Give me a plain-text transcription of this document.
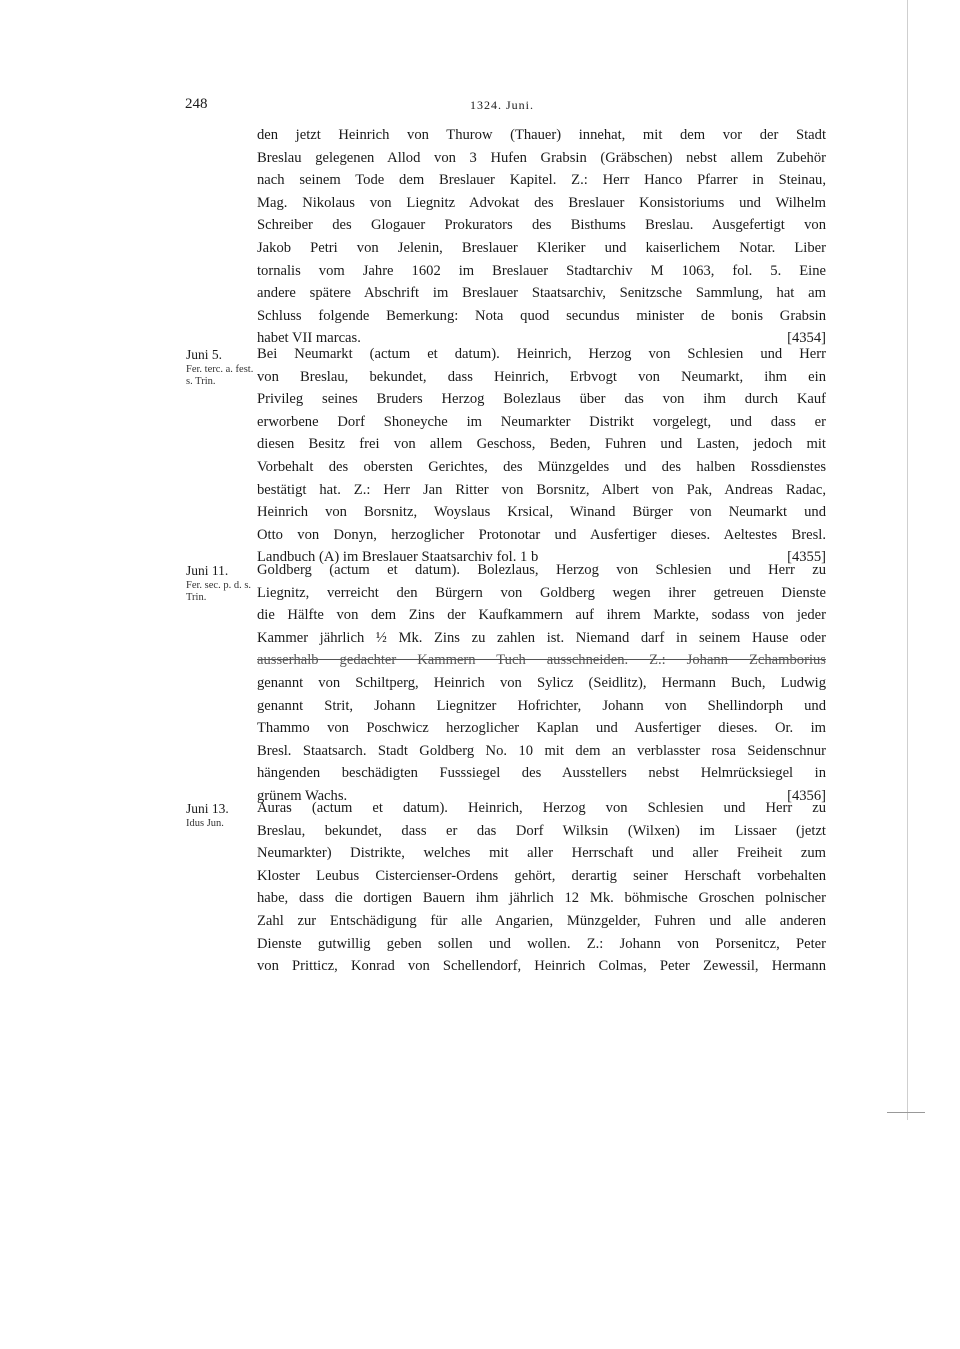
248	1324. Juni.
den jetzt Heinrich von Thurow (Thauer) innehat, mit dem vor der Stadt
Breslau gelegenen Allod von 3 Hufen Grabsin (Gräbschen) nebst allem Zubehör
nach seinem Tode dem Breslauer Kapitel. Z.: Herr Hanco Pfarrer in Steinau,
Mag. Nikolaus von Liegnitz Advokat des Breslauer Konsistoriums und Wilhelm
Schreiber des Glogauer Prokurators des Bisthums Breslau. Ausgefertigt von
Jakob Petri von Jelenin, Breslauer Kleriker und kaiserlichem Notar. Liber
tornalis vom Jahre 1602 im Breslauer Stadtarchiv M 1063, fol. 5. Eine
andere spätere Abschrift im Breslauer Staatsarchiv, Senitzsche Sammlung, hat am
Schluss folgende Bemerkung: Nota quod secundus minister de bonis Grabsin
habet VII marcas.	[4354]
Juni 5.
Fer. terc. a. fest. s. Trin.
Bei Neumarkt (actum et datum). Heinrich, Herzog von Schlesien und Herr
von Breslau, bekundet, dass Heinrich, Erbvogt von Neumarkt, ihm ein
Privileg seines Bruders Herzog Bolezlaus über das von ihm durch Kauf
erworbene Dorf Shoneyche im Neumarkter Distrikt vorgelegt, und dass er
diesen Besitz frei von allem Geschoss, Beden, Fuhren und Lasten, jedoch mit
Vorbehalt des obersten Gerichtes, des Münzgeldes und des halben Rossdienstes
bestätigt hat. Z.: Herr Jan Ritter von Borsnitz, Albert von Pak, Andreas Radac,
Heinrich von Borsnitz, Woyslaus Krsical, Winand Bürger von Neumarkt und
Otto von Donyn, herzoglicher Protonotar und Ausfertiger dieses. Aeltestes Bresl.
Landbuch (A) im Breslauer Staatsarchiv fol. 1 b	[4355]
Juni 11.
Fer. sec. p. d. s. Trin.
Goldberg (actum et datum). Bolezlaus, Herzog von Schlesien und Herr zu
Liegnitz, verreicht den Bürgern von Goldberg wegen ihrer getreuen Dienste
die Hälfte von dem Zins der Kaufkammern auf ihrem Markte, sodass von jeder
Kammer jährlich ½ Mk. Zins zu zahlen ist. Niemand darf in seinem Hause oder
ausserhalb gedachter Kammern Tuch ausschneiden. Z.: Johann Zchamborius
genannt von Schiltperg, Heinrich von Sylicz (Seidlitz), Hermann Buch, Ludwig
genannt Strit, Johann Liegnitzer Hofrichter, Johann von Shellindorph und
Thammo von Poschwicz herzoglicher Kaplan und Ausfertiger dieses. Or. im
Bresl. Staatsarch. Stadt Goldberg No. 10 mit dem an verblasster rosa Seidenschnur
hängenden beschädigten Fusssiegel des Ausstellers nebst Helmrücksiegel in
grünem Wachs.	[4356]
Juni 13.
Idus Jun.
Auras (actum et datum). Heinrich, Herzog von Schlesien und Herr zu
Breslau, bekundet, dass er das Dorf Wilksin (Wilxen) im Lissaer (jetzt
Neumarkter) Distrikte, welches mit aller Herrschaft und aller Freiheit zum
Kloster Leubus Cistercienser-Ordens gehört, derartig seiner Herschaft vorbehalten
habe, dass die dortigen Bauern ihm jährlich 12 Mk. böhmische Groschen polnischer
Zahl zur Entschädigung für alle Angarien, Münzgelder, Fuhren und alle anderen
Dienste gutwillig geben sollen und wollen. Z.: Johann von Porsenitcz, Peter
von Pritticz, Konrad von Schellendorf, Heinrich Colmas, Peter Zewessil, Hermann
